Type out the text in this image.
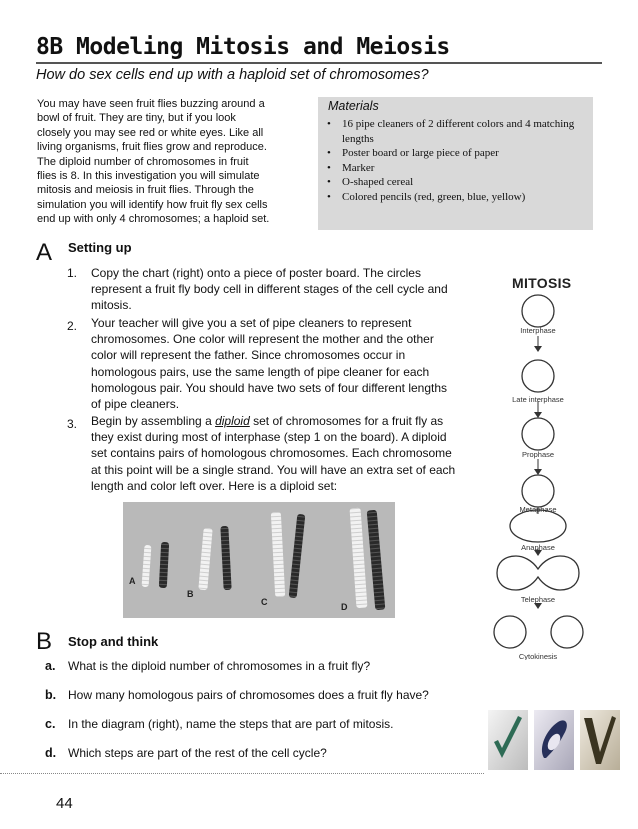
8B Modeling Mitosis and Meiosis
How do sex cells end up with a haploid set of chromosomes?
You may have seen fruit flies buzzing around a
bowl of fruit. They are tiny, but if you look
closely you may see red or white eyes. Like all
living organisms, fruit flies grow and reproduce.
The diploid number of chromosomes in fruit
flies is 8. In this investigation you will simulate
mitosis and meiosis in fruit flies. Through the
simulation you will identify how fruit fly sex cells
end up with only 4 chromosomes; a haploid set.
Materials
• 16 pipe cleaners of 2 different colors and 4 matching lengths
• Poster board or large piece of paper
• Marker
• O-shaped cereal
• Colored pencils (red, green, blue, yellow)
A Setting up
1.	Copy the chart (right) onto a piece of poster board. The circles
represent a fruit fly body cell in different stages of the cell cycle and
mitosis.
2.	Your teacher will give you a set of pipe cleaners to represent
chromosomes. One color will represent the mother and the other
color will represent the father. Since chromosomes occur in
homologous pairs, use the same length of pipe cleaner for each
homologous pair. You should have two sets of four different lengths
of pipe cleaners.
3.	Begin by assembling a diploid set of chromosomes for a fruit fly as
they exist during most of interphase (step 1 on the board). A diploid
set contains pairs of homologous chromosomes. Each chromosome
at this point will be a single strand. You will have an extra set of each
length and color left over. Here is a diploid set:
A
B
C	D
MITOSIS
Interphase
Late interphase
Prophase
Metaphase
Anaphase
Telephase
Cytokinesis
B Stop and think
a. What is the diploid number of chromosomes in a fruit fly?
b. How many homologous pairs of chromosomes does a fruit fly have?
c. In the diagram (right), name the steps that are part of mitosis.
d. Which steps are part of the rest of the cell cycle?
44
